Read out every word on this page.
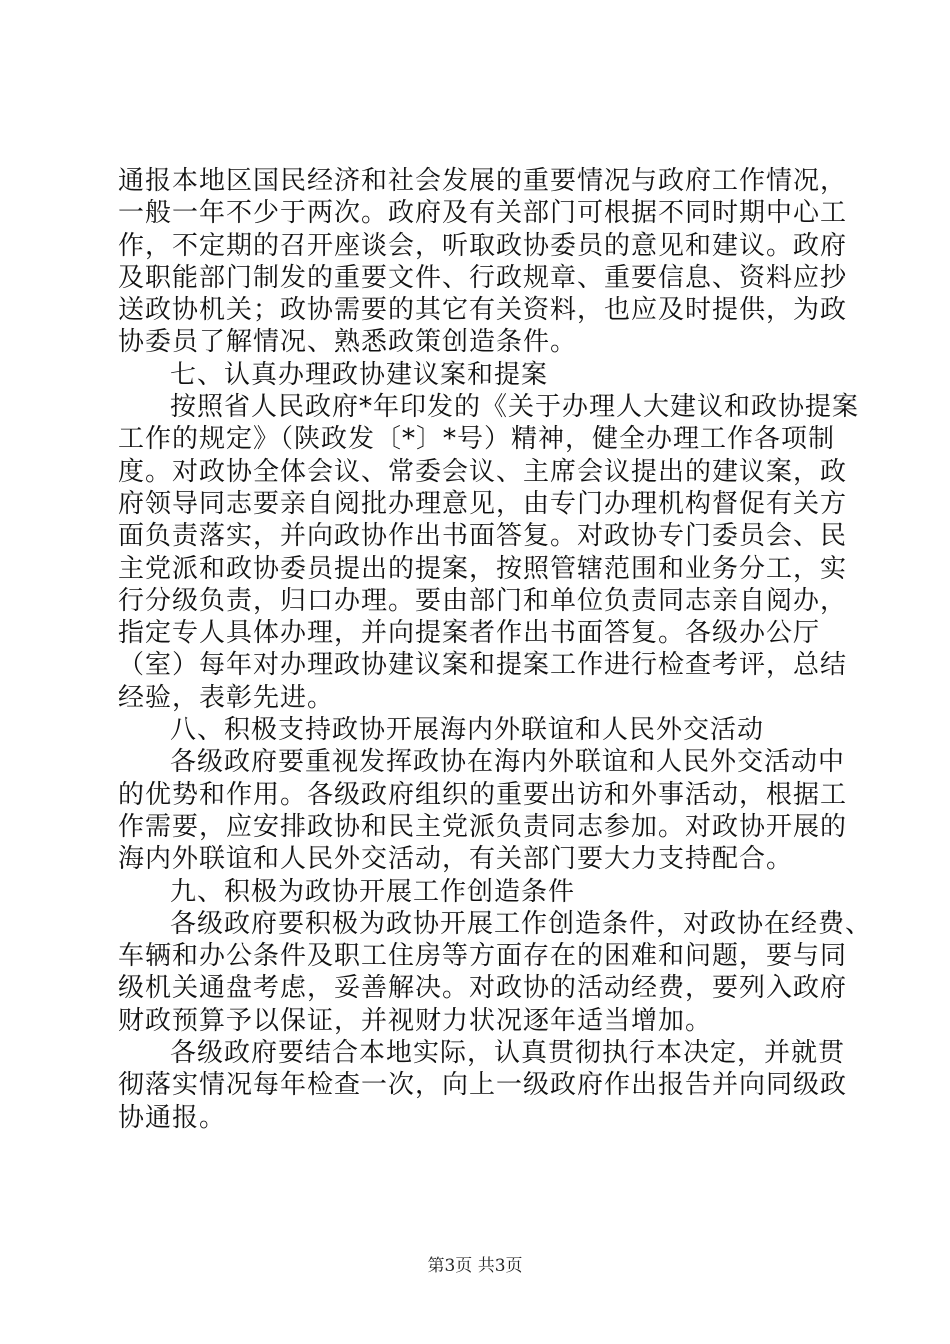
通报本地区国民经济和社会发展的重要情况与政府工作情况，
一般一年不少于两次。政府及有关部门可根据不同时期中心工
作，不定期的召开座谈会，听取政协委员的意见和建议。政府
及职能部门制发的重要文件、行政规章、重要信息、资料应抄
送政协机关；政协需要的其它有关资料，也应及时提供，为政
协委员了解情况、熟悉政策创造条件。
七、认真办理政协建议案和提案
按照省人民政府*年印发的《关于办理人大建议和政协提案
工作的规定》（陕政发〔*〕*号）精神，健全办理工作各项制
度。对政协全体会议、常委会议、主席会议提出的建议案，政
府领导同志要亲自阅批办理意见，由专门办理机构督促有关方
面负责落实，并向政协作出书面答复。对政协专门委员会、民
主党派和政协委员提出的提案，按照管辖范围和业务分工，实
行分级负责，归口办理。要由部门和单位负责同志亲自阅办，
指定专人具体办理，并向提案者作出书面答复。各级办公厅
（室）每年对办理政协建议案和提案工作进行检查考评，总结
经验，表彰先进。
八、积极支持政协开展海内外联谊和人民外交活动
各级政府要重视发挥政协在海内外联谊和人民外交活动中
的优势和作用。各级政府组织的重要出访和外事活动，根据工
作需要，应安排政协和民主党派负责同志参加。对政协开展的
海内外联谊和人民外交活动，有关部门要大力支持配合。
九、积极为政协开展工作创造条件
各级政府要积极为政协开展工作创造条件，对政协在经费、
车辆和办公条件及职工住房等方面存在的困难和问题，要与同
级机关通盘考虑，妥善解决。对政协的活动经费，要列入政府
财政预算予以保证，并视财力状况逐年适当增加。
各级政府要结合本地实际，认真贯彻执行本决定，并就贯
彻落实情况每年检查一次，向上一级政府作出报告并向同级政
协通报。
第3页 共3页
